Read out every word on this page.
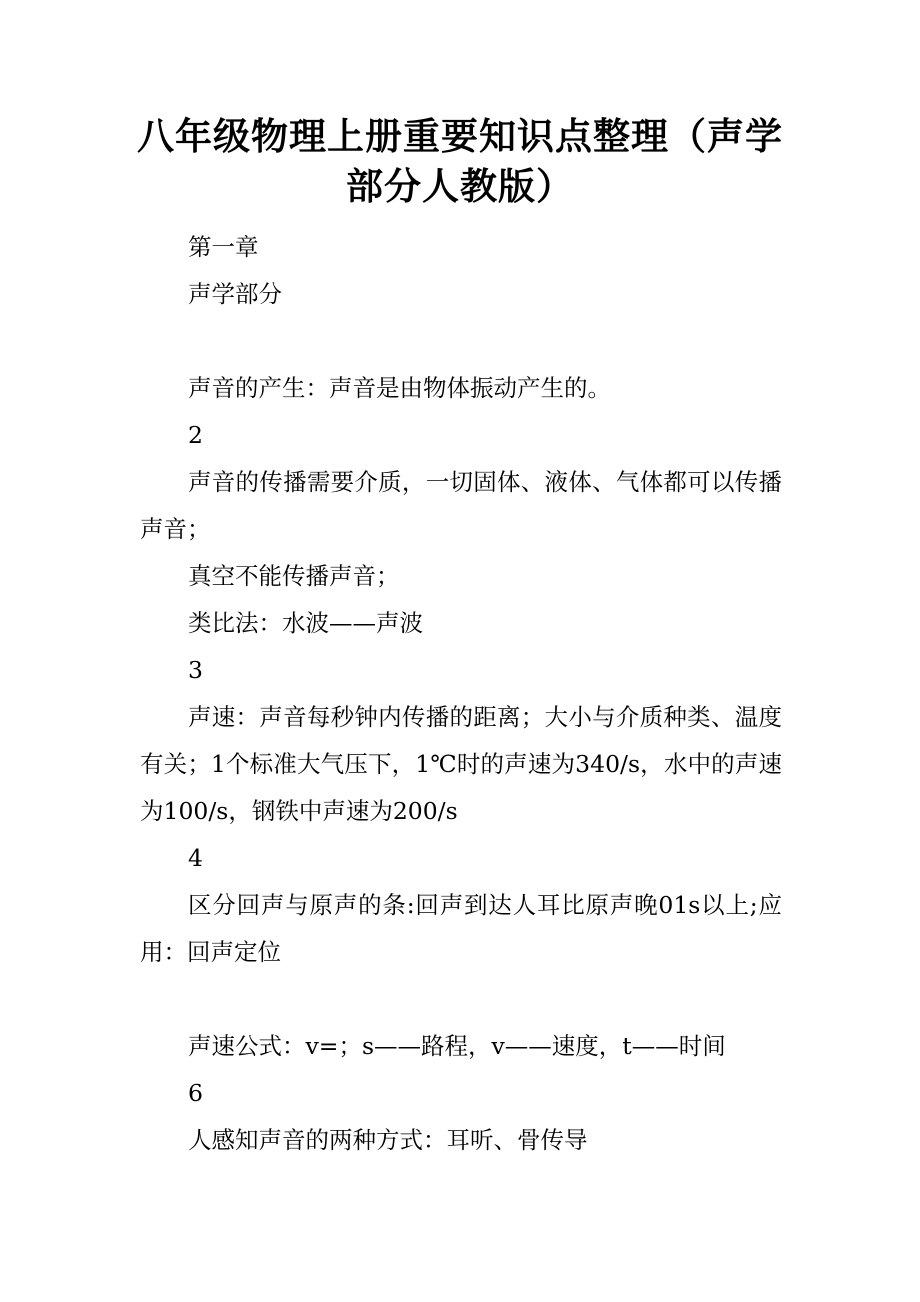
八年级物理上册重要知识点整理（声学部分人教版）

第一章

声学部分

声音的产生：声音是由物体振动产生的。

2

声音的传播需要介质，一切固体、液体、气体都可以传播声音；

真空不能传播声音；

类比法：水波——声波

3

声速：声音每秒钟内传播的距离；大小与介质种类、温度有关；1个标准大气压下，1℃时的声速为340/s，水中的声速为100/s，钢铁中声速为200/s

4

区分回声与原声的条:回声到达人耳比原声晚01s以上;应用：回声定位

声速公式：v=；s——路程，v——速度，t——时间

6

人感知声音的两种方式：耳听、骨传导
